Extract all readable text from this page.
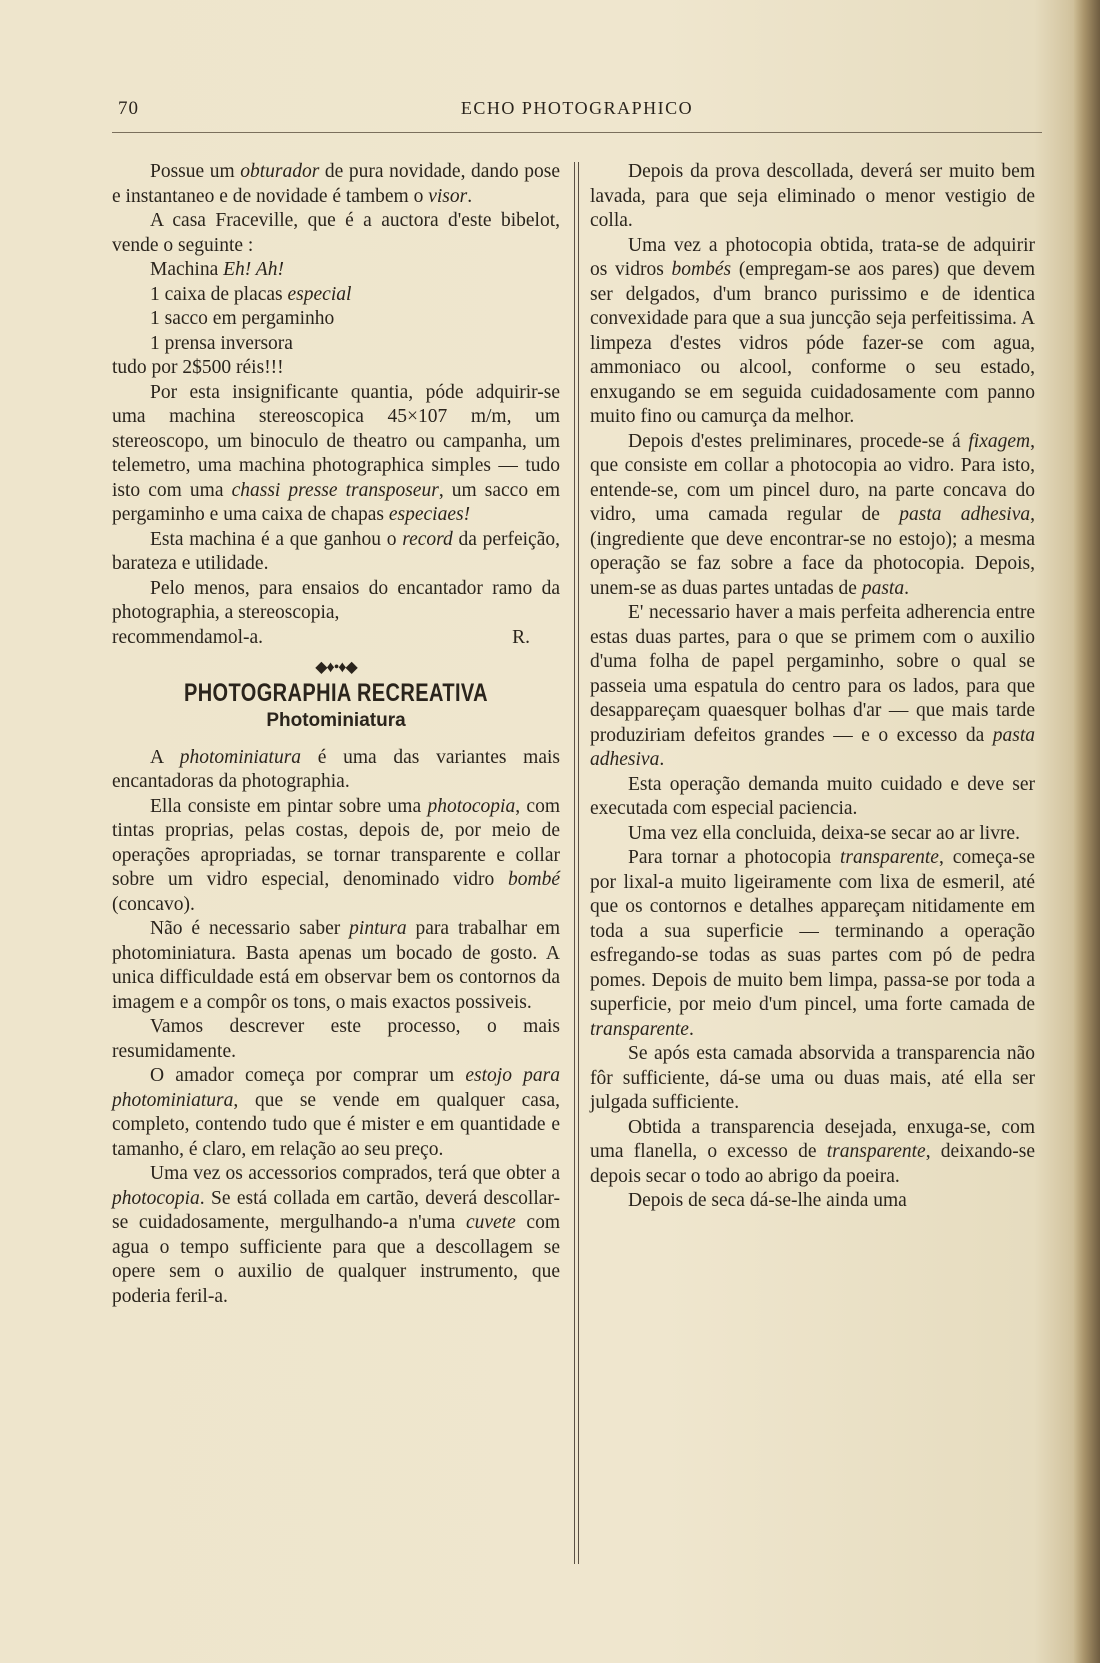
70	ECHO PHOTOGRAPHICO

Possue um obturador de pura novidade, dando pose e instantaneo e de novidade é tambem o visor.

A casa Fraceville, que é a auctora d'este bibelot, vende o seguinte :

Machina Eh! Ah!
1 caixa de placas especial
1 sacco em pergaminho
1 prensa inversora
tudo por 2$500 réis!!!

Por esta insignificante quantia, póde adquirir-se uma machina stereoscopica 45×107 m/m, um stereoscopo, um binoculo de theatro ou campanha, um telemetro, uma machina photographica simples — tudo isto com uma chassi presse transposeur, um sacco em pergaminho e uma caixa de chapas especiaes!

Esta machina é a que ganhou o record da perfeição, barateza e utilidade.

Pelo menos, para ensaios do encantador ramo da photographia, a stereoscopia,

recommendamol-a.	R.
◆♦•♦◆
PHOTOGRAPHIA RECREATIVA
Photominiatura

A photominiatura é uma das variantes mais encantadoras da photographia.

Ella consiste em pintar sobre uma photocopia, com tintas proprias, pelas costas, depois de, por meio de operações apropriadas, se tornar transparente e collar sobre um vidro especial, denominado vidro bombé (concavo).

Não é necessario saber pintura para trabalhar em photominiatura. Basta apenas um bocado de gosto. A unica difficuldade está em observar bem os contornos da imagem e a compôr os tons, o mais exactos possiveis.

Vamos descrever este processo, o mais resumidamente.

O amador começa por comprar um estojo para photominiatura, que se vende em qualquer casa, completo, contendo tudo que é mister e em quantidade e tamanho, é claro, em relação ao seu preço.

Uma vez os accessorios comprados, terá que obter a photocopia. Se está collada em cartão, deverá descollar-se cuidadosamente, mergulhando-a n'uma cuvete com agua o tempo sufficiente para que a descollagem se opere sem o auxilio de qualquer instrumento, que poderia feril-a.

Depois da prova descollada, deverá ser muito bem lavada, para que seja eliminado o menor vestigio de colla.

Uma vez a photocopia obtida, trata-se de adquirir os vidros bombés (empregam-se aos pares) que devem ser delgados, d'um branco purissimo e de identica convexidade para que a sua juncção seja perfeitissima. A limpeza d'estes vidros póde fazer-se com agua, ammoniaco ou alcool, conforme o seu estado, enxugando se em seguida cuidadosamente com panno muito fino ou camurça da melhor.

Depois d'estes preliminares, procede-se á fixagem, que consiste em collar a photocopia ao vidro. Para isto, entende-se, com um pincel duro, na parte concava do vidro, uma camada regular de pasta adhesiva, (ingrediente que deve encontrar-se no estojo); a mesma operação se faz sobre a face da photocopia. Depois, unem-se as duas partes untadas de pasta.

E' necessario haver a mais perfeita adherencia entre estas duas partes, para o que se primem com o auxilio d'uma folha de papel pergaminho, sobre o qual se passeia uma espatula do centro para os lados, para que desappareçam quaesquer bolhas d'ar — que mais tarde produziriam defeitos grandes — e o excesso da pasta adhesiva.

Esta operação demanda muito cuidado e deve ser executada com especial paciencia.

Uma vez ella concluida, deixa-se secar ao ar livre.

Para tornar a photocopia transparente, começa-se por lixal-a muito ligeiramente com lixa de esmeril, até que os contornos e detalhes appareçam nitidamente em toda a sua superficie — terminando a operação esfregando-se todas as suas partes com pó de pedra pomes. Depois de muito bem limpa, passa-se por toda a superficie, por meio d'um pincel, uma forte camada de transparente.

Se após esta camada absorvida a transparencia não fôr sufficiente, dá-se uma ou duas mais, até ella ser julgada sufficiente.

Obtida a transparencia desejada, enxuga-se, com uma flanella, o excesso de transparente, deixando-se depois secar o todo ao abrigo da poeira.

Depois de seca dá-se-lhe ainda uma
